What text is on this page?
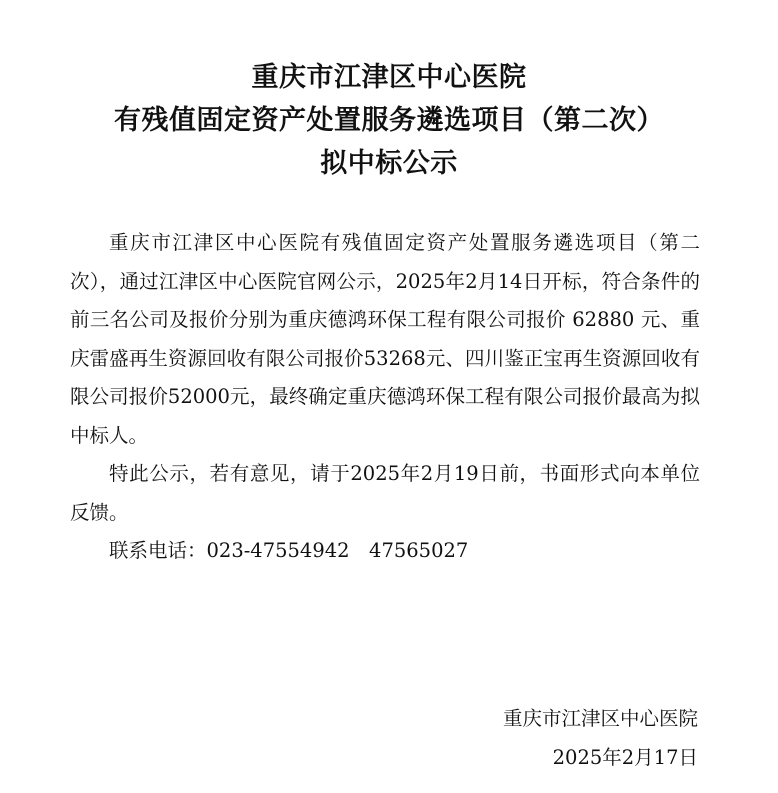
重庆市江津区中心医院
有残值固定资产处置服务遴选项目（第二次）
拟中标公示

重庆市江津区中心医院有残值固定资产处置服务遴选项目（第二次），通过江津区中心医院官网公示，2025年2月14日开标，符合条件的前三名公司及报价分别为重庆德鸿环保工程有限公司报价 62880 元、重庆雷盛再生资源回收有限公司报价53268元、四川鉴正宝再生资源回收有限公司报价52000元，最终确定重庆德鸿环保工程有限公司报价最高为拟中标人。

特此公示，若有意见，请于2025年2月19日前，书面形式向本单位反馈。

联系电话：023-47554942　47565027

重庆市江津区中心医院
2025年2月17日
